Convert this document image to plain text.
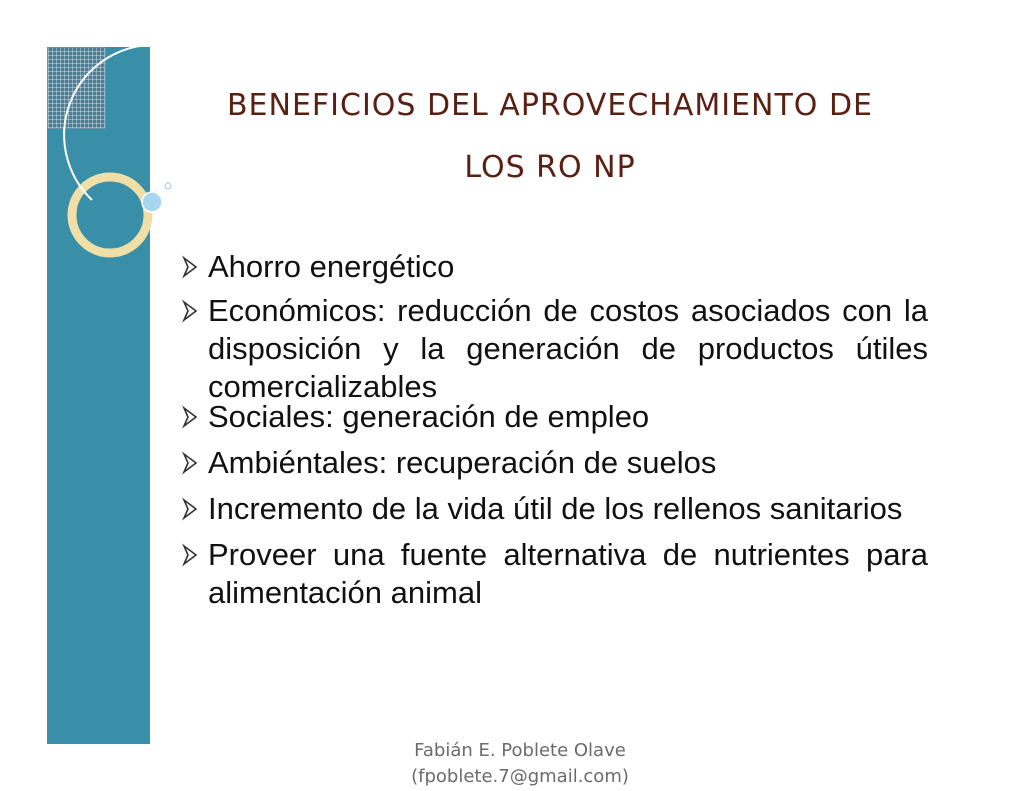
BENEFICIOS DEL APROVECHAMIENTO DE
LOS RO NP
Ahorro energético
Económicos: reducción de costos asociados con la disposición y la generación de productos útiles comercializables
Sociales: generación de empleo
Ambiéntales: recuperación de suelos
Incremento de la vida útil de los rellenos sanitarios
Proveer una fuente alternativa de nutrientes para alimentación animal
Fabián E. Poblete Olave
(fpoblete.7@gmail.com)
